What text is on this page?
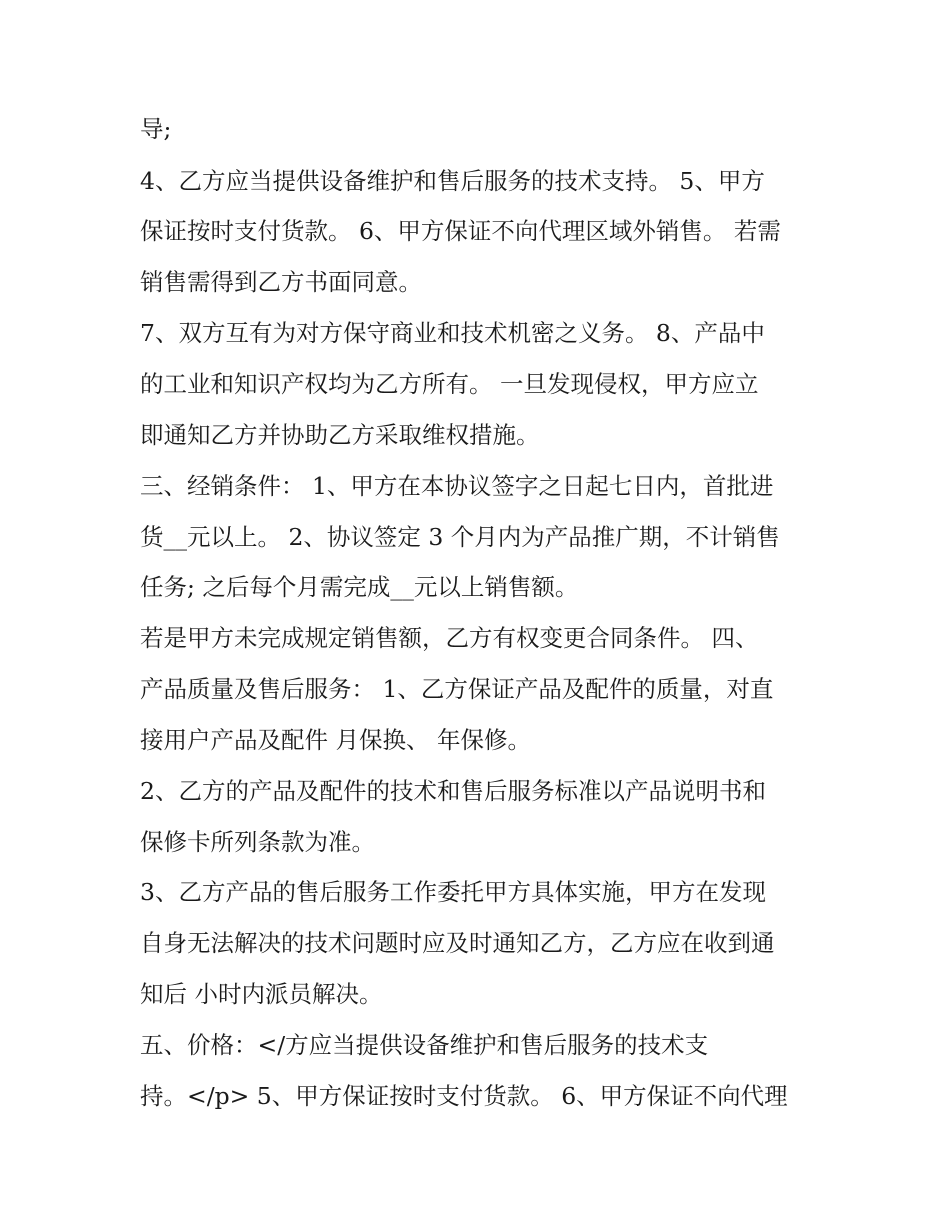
导;
4、乙方应当提供设备维护和售后服务的技术支持。 5、甲方
保证按时支付货款。 6、甲方保证不向代理区域外销售。 若需
销售需得到乙方书面同意。
7、双方互有为对方保守商业和技术机密之义务。 8、产品中
的工业和知识产权均为乙方所有。 一旦发现侵权，甲方应立
即通知乙方并协助乙方采取维权措施。
三、经销条件： 1、甲方在本协议签字之日起七日内，首批进
货__元以上。 2、协议签定 3 个月内为产品推广期，不计销售
任务; 之后每个月需完成__元以上销售额。
若是甲方未完成规定销售额，乙方有权变更合同条件。 四、
产品质量及售后服务： 1、乙方保证产品及配件的质量，对直
接用户产品及配件 月保换、 年保修。
2、乙方的产品及配件的技术和售后服务标准以产品说明书和
保修卡所列条款为准。
3、乙方产品的售后服务工作委托甲方具体实施，甲方在发现
自身无法解决的技术问题时应及时通知乙方，乙方应在收到通
知后 小时内派员解决。
五、价格：</方应当提供设备维护和售后服务的技术支
持。</p> 5、甲方保证按时支付货款。 6、甲方保证不向代理
